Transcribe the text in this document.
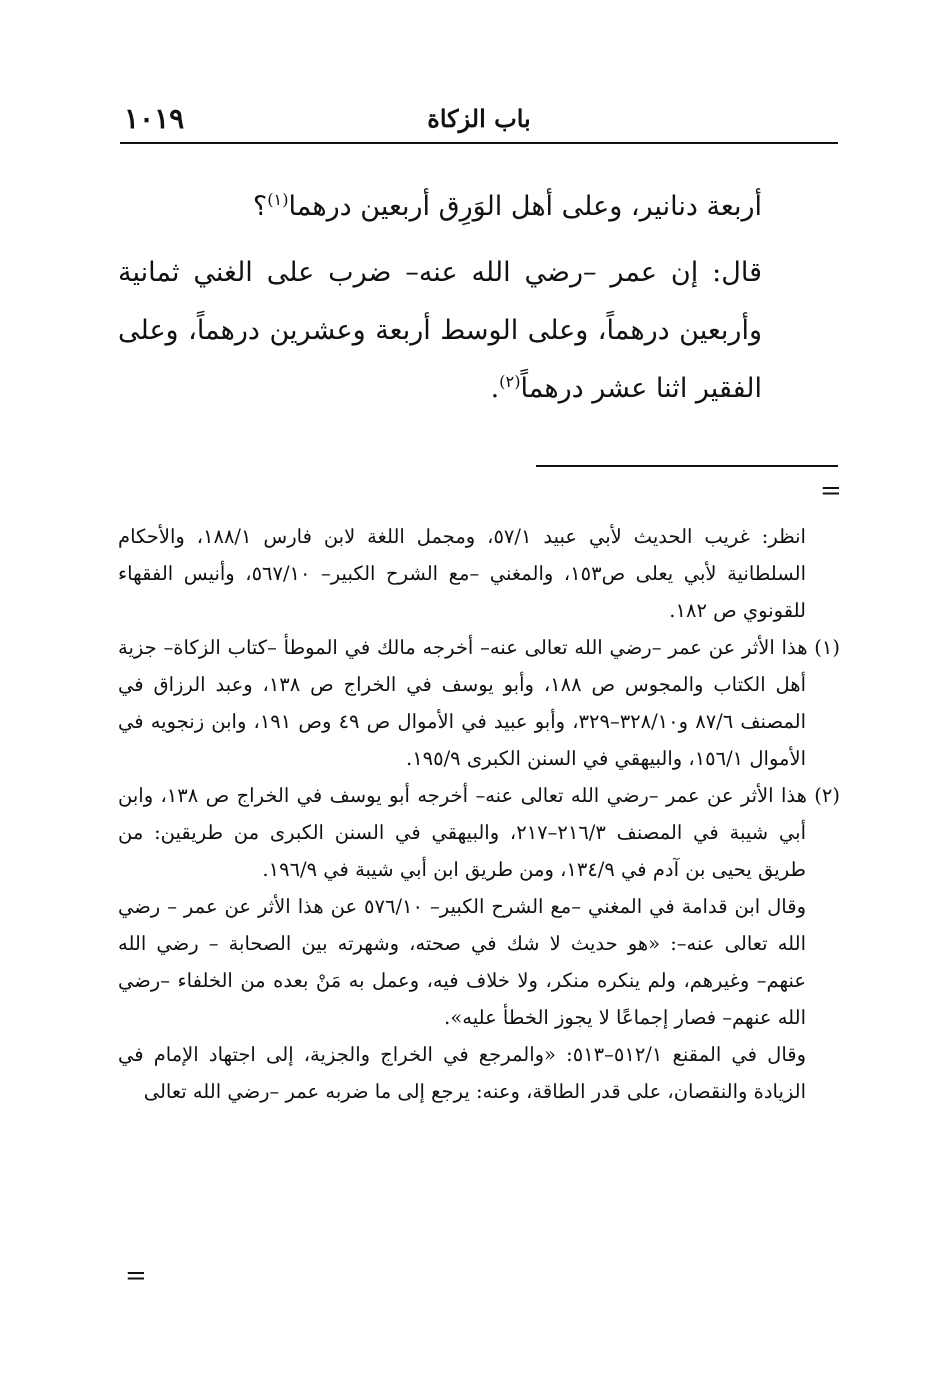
١٠١٩	باب الزكاة

أربعة دنانير، وعلى أهل الوَرِق أربعين درهما$^{(١)}$؟

قال: إن عمر –رضي الله عنه– ضرب على الغني ثمانية وأربعين درهماً، وعلى الوسط أربعة وعشرين درهماً، وعلى الفقير اثنا عشر درهماً$^{(٢)}$.

=

انظر: غريب الحديث لأبي عبيد ٥٧/١، ومجمل اللغة لابن فارس ١٨٨/١، والأحكام السلطانية لأبي يعلى ص١٥٣، والمغني –مع الشرح الكبير– ٥٦٧/١٠، وأنيس الفقهاء للقونوي ص ١٨٢.

(١) هذا الأثر عن عمر –رضي الله تعالى عنه– أخرجه مالك في الموطأ –كتاب الزكاة– جزية أهل الكتاب والمجوس ص ١٨٨، وأبو يوسف في الخراج ص ١٣٨، وعبد الرزاق في المصنف ٨٧/٦ و٣٢٨/١٠–٣٢٩، وأبو عبيد في الأموال ص ٤٩ وص ١٩١، وابن زنجويه في الأموال ١٥٦/١، والبيهقي في السنن الكبرى ١٩٥/٩.

(٢) هذا الأثر عن عمر –رضي الله تعالى عنه– أخرجه أبو يوسف في الخراج ص ١٣٨، وابن أبي شيبة في المصنف ٢١٦/٣–٢١٧، والبيهقي في السنن الكبرى من طريقين: من طريق يحيى بن آدم في ١٣٤/٩، ومن طريق ابن أبي شيبة في ١٩٦/٩.

وقال ابن قدامة في المغني –مع الشرح الكبير– ٥٧٦/١٠ عن هذا الأثر عن عمر – رضي الله تعالى عنه–: «هو حديث لا شك في صحته، وشهرته بين الصحابة – رضي الله عنهم– وغيرهم، ولم ينكره منكر، ولا خلاف فيه، وعمل به مَنْ بعده من الخلفاء –رضي الله عنهم– فصار إجماعًا لا يجوز الخطأ عليه».

وقال في المقنع ٥١٢/١–٥١٣: «والمرجع في الخراج والجزية، إلى اجتهاد الإمام في الزيادة والنقصان، على قدر الطاقة، وعنه: يرجع إلى ما ضربه عمر –رضي الله تعالى

=
